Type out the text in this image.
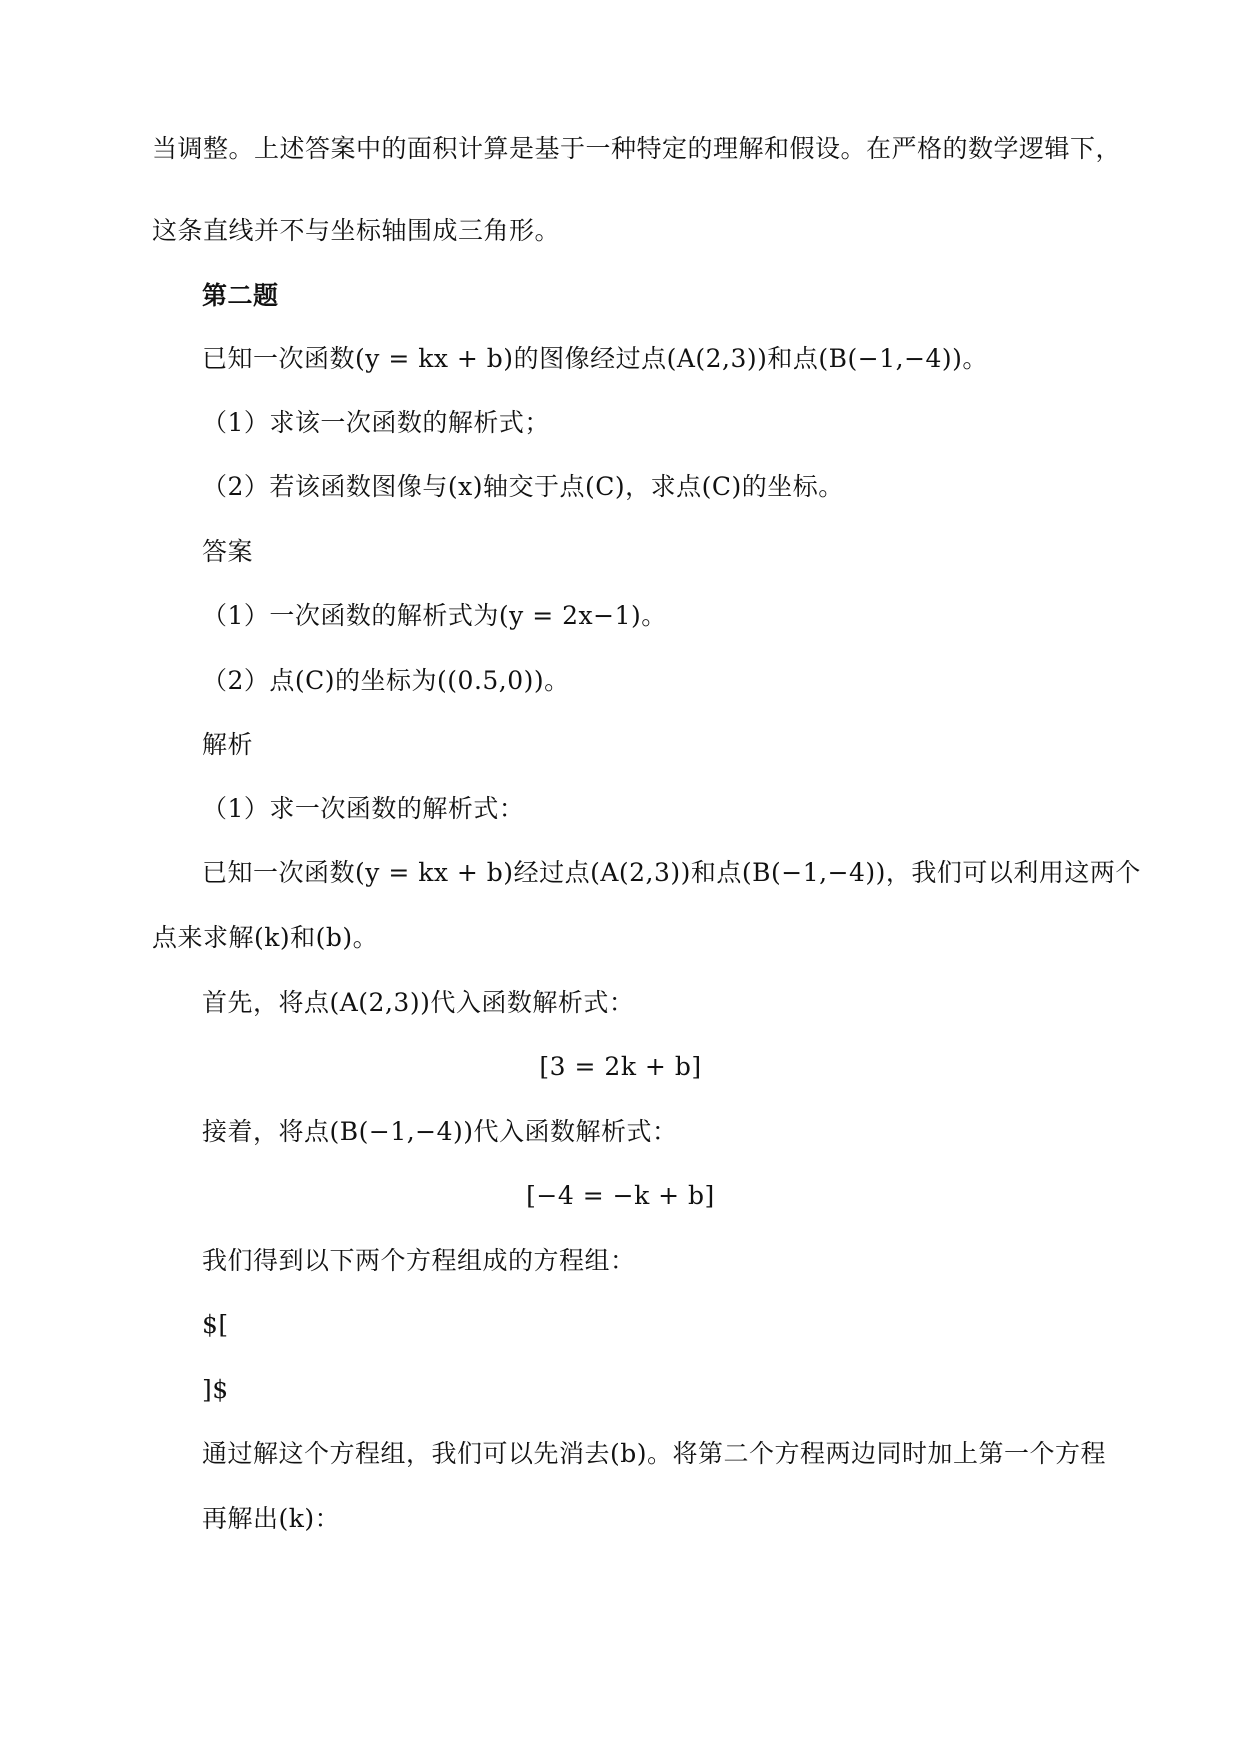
当调整。上述答案中的面积计算是基于一种特定的理解和假设。在严格的数学逻辑下，
这条直线并不与坐标轴围成三角形。
第二题
已知一次函数(y = kx + b)的图像经过点(A(2,3))和点(B(−1,−4))。
（1）求该一次函数的解析式；
（2）若该函数图像与(x)轴交于点(C)，求点(C)的坐标。
答案
（1）一次函数的解析式为(y = 2x−1)。
（2）点(C)的坐标为((0.5,0))。
解析
（1）求一次函数的解析式：
已知一次函数(y = kx + b)经过点(A(2,3))和点(B(−1,−4))，我们可以利用这两个
点来求解(k)和(b)。
首先，将点(A(2,3))代入函数解析式：
[3 = 2k + b]
接着，将点(B(−1,−4))代入函数解析式：
[−4 = −k + b]
我们得到以下两个方程组成的方程组：
$[
]$
通过解这个方程组，我们可以先消去(b)。将第二个方程两边同时加上第一个方程
再解出(k)：
